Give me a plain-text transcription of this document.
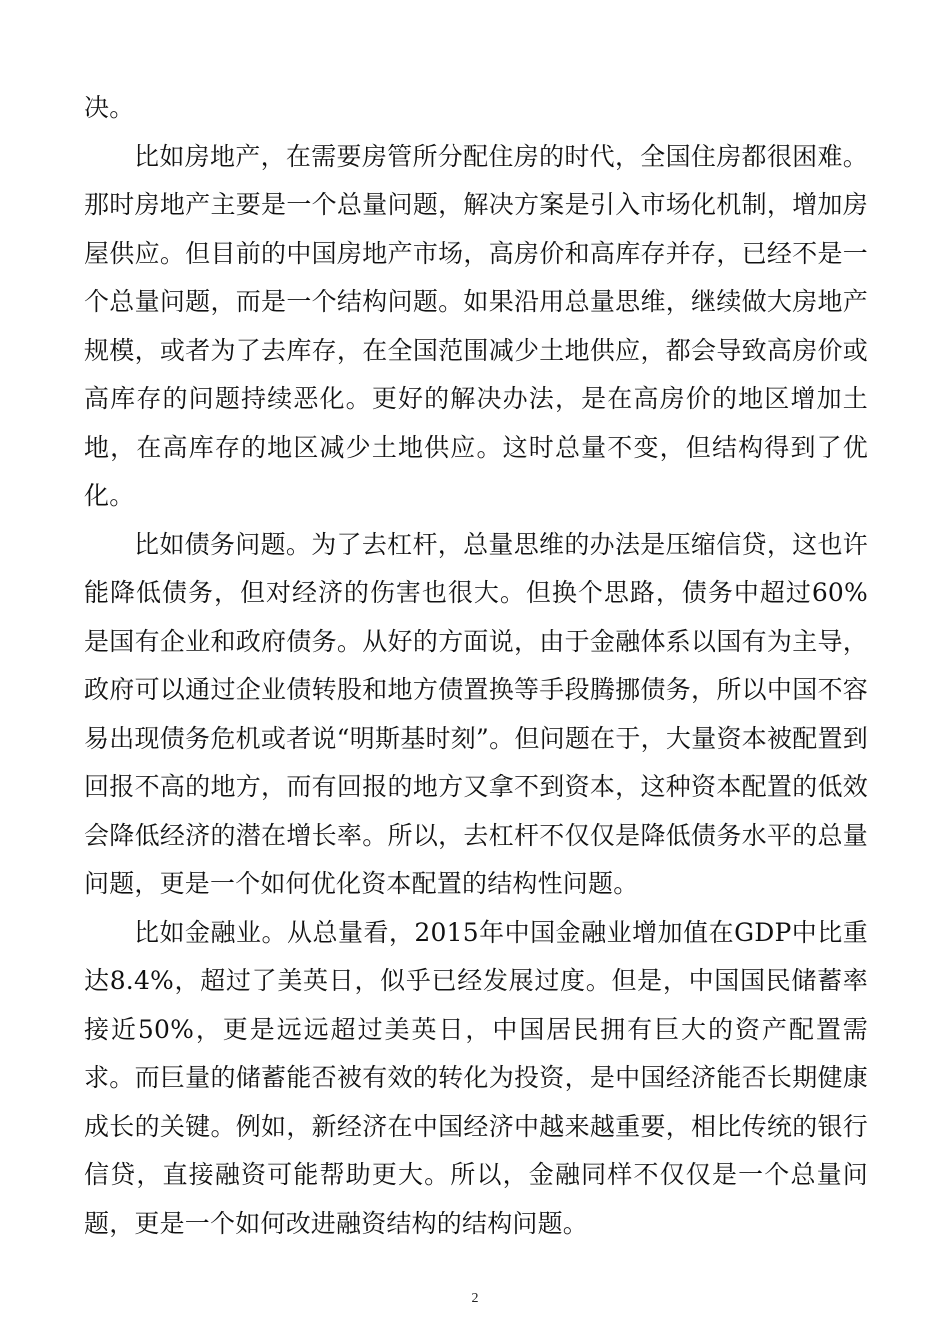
决。

比如房地产，在需要房管所分配住房的时代，全国住房都很困难。那时房地产主要是一个总量问题，解决方案是引入市场化机制，增加房屋供应。但目前的中国房地产市场，高房价和高库存并存，已经不是一个总量问题，而是一个结构问题。如果沿用总量思维，继续做大房地产规模，或者为了去库存，在全国范围减少土地供应，都会导致高房价或高库存的问题持续恶化。更好的解决办法，是在高房价的地区增加土地，在高库存的地区减少土地供应。这时总量不变，但结构得到了优化。

比如债务问题。为了去杠杆，总量思维的办法是压缩信贷，这也许能降低债务，但对经济的伤害也很大。但换个思路，债务中超过60%是国有企业和政府债务。从好的方面说，由于金融体系以国有为主导，政府可以通过企业债转股和地方债置换等手段腾挪债务，所以中国不容易出现债务危机或者说“明斯基时刻”。但问题在于，大量资本被配置到回报不高的地方，而有回报的地方又拿不到资本，这种资本配置的低效会降低经济的潜在增长率。所以，去杠杆不仅仅是降低债务水平的总量问题，更是一个如何优化资本配置的结构性问题。

比如金融业。从总量看，2015年中国金融业增加值在GDP中比重达8.4%，超过了美英日，似乎已经发展过度。但是，中国国民储蓄率接近50%，更是远远超过美英日，中国居民拥有巨大的资产配置需求。而巨量的储蓄能否被有效的转化为投资，是中国经济能否长期健康成长的关键。例如，新经济在中国经济中越来越重要，相比传统的银行信贷，直接融资可能帮助更大。所以，金融同样不仅仅是一个总量问题，更是一个如何改进融资结构的结构问题。

2
